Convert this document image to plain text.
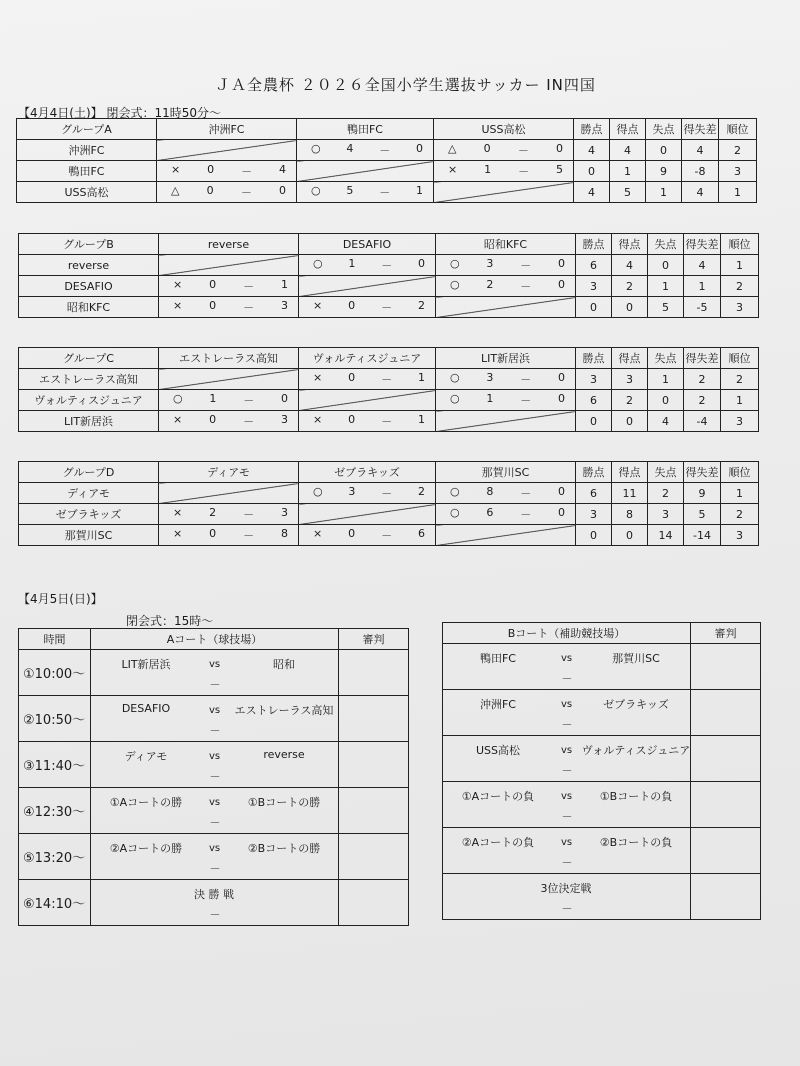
ＪＡ全農杯 ２０２６全国小学生選抜サッカー IN四国
【4月4日(土)】 閉会式：11時50分～
グループA	沖洲FC	鴨田FC	USS高松	勝点	得点	失点	得失差	順位
沖洲FC		○ 4 － 0	△ 0 － 0	4	4	0	4	2
鴨田FC	× 0 － 4		× 1 － 5	0	1	9	-8	3
USS高松	△ 0 － 0	○ 5 － 1		4	5	1	4	1
グループB	reverse	DESAFIO	昭和KFC	勝点	得点	失点	得失差	順位
reverse		○ 1 － 0	○ 3 － 0	6	4	0	4	1
DESAFIO	× 0 － 1		○ 2 － 0	3	2	1	1	2
昭和KFC	× 0 － 3	× 0 － 2		0	0	5	-5	3
グループC	エストレーラス高知	ヴォルティスジュニア	LIT新居浜	勝点	得点	失点	得失差	順位
エストレーラス高知		× 0 － 1	○ 3 － 0	3	3	1	2	2
ヴォルティスジュニア	○ 1 － 0		○ 1 － 0	6	2	0	2	1
LIT新居浜	× 0 － 3	× 0 － 1		0	0	4	-4	3
グループD	ディアモ	ゼブラキッズ	那賀川SC	勝点	得点	失点	得失差	順位
ディアモ		○ 3 － 2	○ 8 － 0	6	11	2	9	1
ゼブラキッズ	× 2 － 3		○ 6 － 0	3	8	3	5	2
那賀川SC	× 0 － 8	× 0 － 6		0	0	14	-14	3
【4月5日(日)】
閉会式：15時～
時間	Aコート（球技場）	審判
①10:00～	LIT新居浜 vs 昭和
－	

②10:50～	DESAFIO vs エストレーラス高知
－	

③11:40～	ディアモ vs reverse
－	

④12:30～	①Aコートの勝 vs ①Bコートの勝
－	

⑤13:20～	②Aコートの勝 vs ②Bコートの勝
－	

⑥14:10～	決 勝 戦
－	

Bコート（補助競技場）	審判

鴨田FC vs 那賀川SC
－	

沖洲FC vs ゼブラキッズ
－	

USS高松 vs ヴォルティスジュニア
－	

①Aコートの負 vs ①Bコートの負
－	

②Aコートの負 vs ②Bコートの負
－	

3位決定戦
－	
